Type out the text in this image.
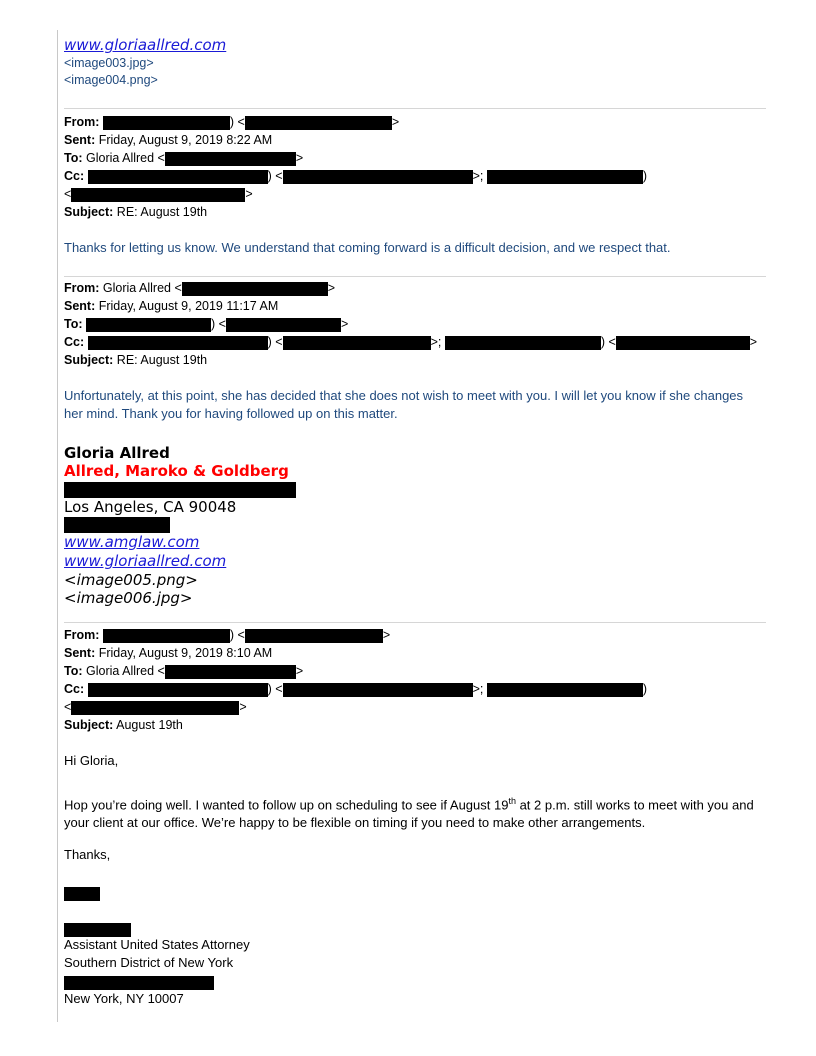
www.gloriaallred.com
<image003.jpg>
<image004.png>
From:	) <	>
Sent: Friday, August 9, 2019 8:22 AM
To: Gloria Allred <	>
Cc:	) <	>;	)
<	>
Subject: RE: August 19th
Thanks for letting us know. We understand that coming forward is a difficult decision, and we respect that.
From: Gloria Allred <	>
Sent: Friday, August 9, 2019 11:17 AM
To:	) <	>
Cc:	) <	>;	) <	>
Subject: RE: August 19th
Unfortunately, at this point, she has decided that she does not wish to meet with you. I will let you know if she changes her mind. Thank you for having followed up on this matter.
Gloria Allred
Allred, Maroko & Goldberg
Los Angeles, CA 90048
www.amglaw.com
www.gloriaallred.com
<image005.png>
<image006.jpg>
From:	) <	>
Sent: Friday, August 9, 2019 8:10 AM
To: Gloria Allred <	>
Cc:	) <	>;	)
<	>
Subject: August 19th
Hi Gloria,
Hop you’re doing well. I wanted to follow up on scheduling to see if August 19th at 2 p.m. still works to meet with you and your client at our office. We’re happy to be flexible on timing if you need to make other arrangements.
Thanks,
Assistant United States Attorney
Southern District of New York
New York, NY 10007
